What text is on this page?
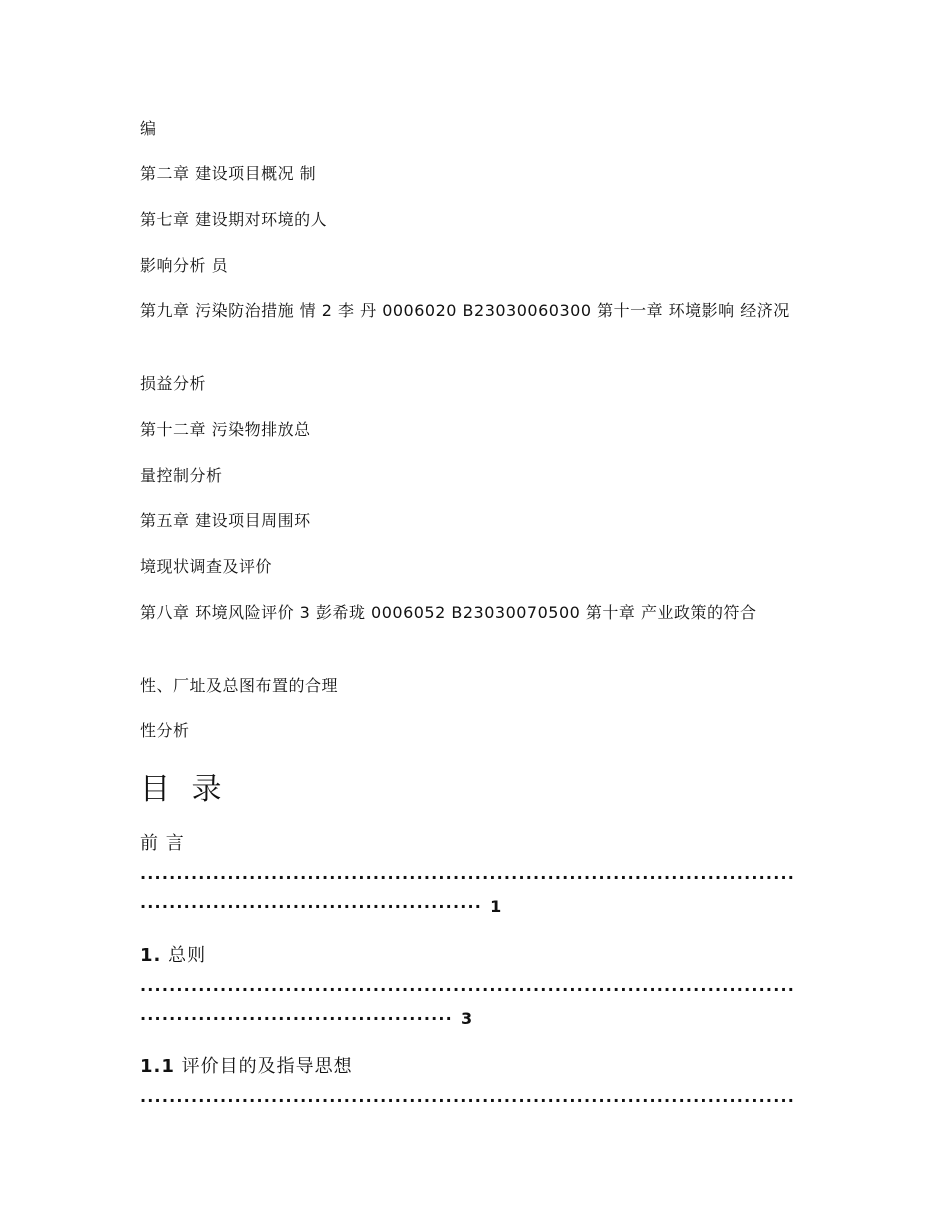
编
第二章 建设项目概况 制
第七章 建设期对环境的人
影响分析 员
第九章 污染防治措施 情 2 李 丹 0006020 B23030060300 第十一章 环境影响 经济况
损益分析
第十二章 污染物排放总
量控制分析
第五章 建设项目周围环
境现状调查及评价
第八章 环境风险评价 3 彭希珑 0006052 B23030070500 第十章 产业政策的符合
性、厂址及总图布置的合理
性分析
目 录
前 言
··························································································
··············································· 1
1. 总则
··························································································
··········································· 3
1.1 评价目的及指导思想
··························································································
